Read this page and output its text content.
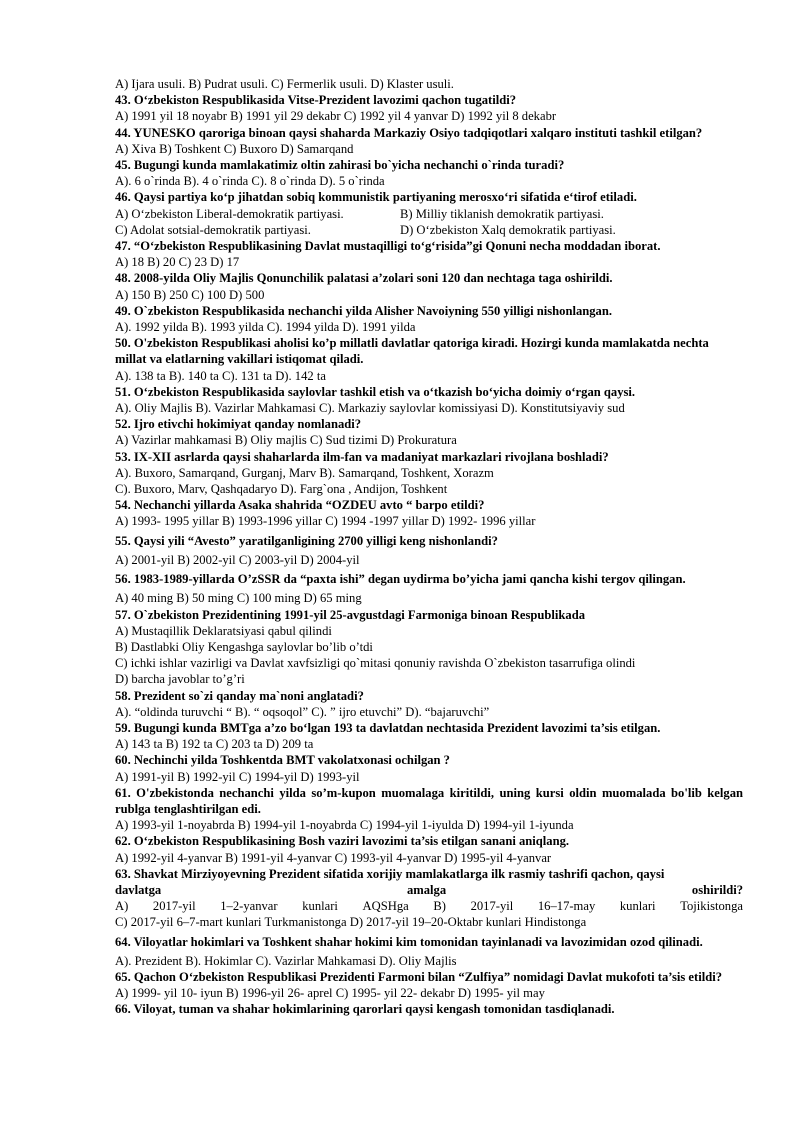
A) Ijara usuli. B) Pudrat usuli. C) Fermerlik usuli. D) Klaster usuli.
43. O‘zbekiston Respublikasida Vitse-Prezident lavozimi qachon tugatildi?
A) 1991 yil 18 noyabr B) 1991 yil 29 dekabr C) 1992 yil 4 yanvar D) 1992 yil 8 dekabr
44. YUNESKO qaroriga binoan qaysi shaharda Markaziy Osiyo tadqiqotlari xalqaro instituti tashkil etilgan?
A) Xiva B) Toshkent C) Buxoro D) Samarqand
45. Bugungi kunda mamlakatimiz oltin zahirasi bo`yicha nechanchi o`rinda turadi?
A). 6 o`rinda B). 4 o`rinda C). 8 o`rinda D). 5 o`rinda
46. Qaysi partiya ko‘p jihatdan sobiq kommunistik partiyaning merosxo‘ri sifatida e‘tirof etiladi.
A) O‘zbekiston Liberal-demokratik partiyasi.	B) Milliy tiklanish demokratik partiyasi.
C) Adolat sotsial-demokratik partiyasi.	D) O‘zbekiston Xalq demokratik partiyasi.
47. “O‘zbekiston Respublikasining Davlat mustaqilligi to‘g‘risida”gi Qonuni necha moddadan iborat.
A) 18 B) 20 C) 23 D) 17
48. 2008-yilda Oliy Majlis Qonunchilik palatasi a’zolari soni 120 dan nechtaga taga oshirildi.
A) 150 B) 250 C) 100 D) 500
49. O`zbekiston Respublikasida nechanchi yilda Alisher Navoiyning 550 yilligi nishonlangan.
A). 1992 yilda B). 1993 yilda C). 1994 yilda D). 1991 yilda
50. O'zbekiston Respublikasi aholisi ko’p millatli davlatlar qatoriga kiradi. Hozirgi kunda mamlakatda nechta millat va elatlarning vakillari istiqomat qiladi.
A). 138 ta B). 140 ta C). 131 ta D). 142 ta
51. O‘zbekiston Respublikasida saylovlar tashkil etish va o‘tkazish bo‘yicha doimiy o‘rgan qaysi.
A). Oliy Majlis B). Vazirlar Mahkamasi C). Markaziy saylovlar komissiyasi D). Konstitutsiyaviy sud
52. Ijro etivchi hokimiyat qanday nomlanadi?
A) Vazirlar mahkamasi B) Oliy majlis C) Sud tizimi D) Prokuratura
53. IX-XII asrlarda qaysi shaharlarda ilm-fan va madaniyat markazlari rivojlana boshladi?
A). Buxoro, Samarqand, Gurganj, Marv B). Samarqand, Toshkent, Xorazm
C). Buxoro, Marv, Qashqadaryo D). Farg`ona , Andijon, Toshkent
54. Nechanchi yillarda Asaka shahrida “OZDEU avto “ barpo etildi?
A) 1993- 1995 yillar B) 1993-1996 yillar C) 1994 -1997 yillar D) 1992- 1996 yillar
55. Qaysi yili “Avesto” yaratilganligining 2700 yilligi keng nishonlandi?
A) 2001-yil B) 2002-yil C) 2003-yil D) 2004-yil
56. 1983-1989-yillarda O’zSSR da “paxta ishi” degan uydirma bo’yicha jami qancha kishi tergov qilingan.
A) 40 ming B) 50 ming C) 100 ming D) 65 ming
57. O`zbekiston Prezidentining 1991-yil 25-avgustdagi Farmoniga binoan Respublikada
A) Mustaqillik Deklaratsiyasi qabul qilindi
B) Dastlabki Oliy Kengashga saylovlar bo’lib o’tdi
C) ichki ishlar vazirligi va Davlat xavfsizligi qo`mitasi qonuniy ravishda O`zbekiston tasarrufiga olindi
D) barcha javoblar to’g’ri
58. Prezident so`zi qanday ma`noni anglatadi?
A). “oldinda turuvchi “ B). “ oqsoqol” C). ” ijro etuvchi” D). “bajaruvchi”
59. Bugungi kunda BMTga a’zo bo‘lgan 193 ta davlatdan nechtasida Prezident lavozimi ta’sis etilgan.
A) 143 ta B) 192 ta C) 203 ta D) 209 ta
60. Nechinchi yilda Toshkentda BMT vakolatxonasi ochilgan ?
A) 1991-yil B) 1992-yil C) 1994-yil D) 1993-yil
61. O'zbekistonda nechanchi yilda so’m-kupon muomalaga kiritildi, uning kursi oldin muomalada bo'lib kelgan rublga tenglashtirilgan edi.
A) 1993-yil 1-noyabrda B) 1994-yil 1-noyabrda C) 1994-yil 1-iyulda D) 1994-yil 1-iyunda
62. O‘zbekiston Respublikasining Bosh vaziri lavozimi ta’sis etilgan sanani aniqlang.
A) 1992-yil 4-yanvar B) 1991-yil 4-yanvar C) 1993-yil 4-yanvar D) 1995-yil 4-yanvar
63. Shavkat Mirziyoyevning Prezident sifatida xorijiy mamlakatlarga ilk rasmiy tashrifi qachon, qaysi
davlatga	amalga	oshirildi?
A) 2017-yil 1–2-yanvar kunlari AQSHga B) 2017-yil 16–17-may kunlari Tojikistonga
C) 2017-yil 6–7-mart kunlari Turkmanistonga D) 2017-yil 19–20-Oktabr kunlari Hindistonga
64. Viloyatlar hokimlari va Toshkent shahar hokimi kim tomonidan tayinlanadi va lavozimidan ozod qilinadi.
A). Prezident B). Hokimlar C). Vazirlar Mahkamasi D). Oliy Majlis
65. Qachon O‘zbekiston Respublikasi Prezidenti Farmoni bilan “Zulfiya” nomidagi Davlat mukofoti ta’sis etildi?
A) 1999- yil 10- iyun B) 1996-yil 26- aprel C) 1995- yil 22- dekabr D) 1995- yil may
66. Viloyat, tuman va shahar hokimlarining qarorlari qaysi kengash tomonidan tasdiqlanadi.
